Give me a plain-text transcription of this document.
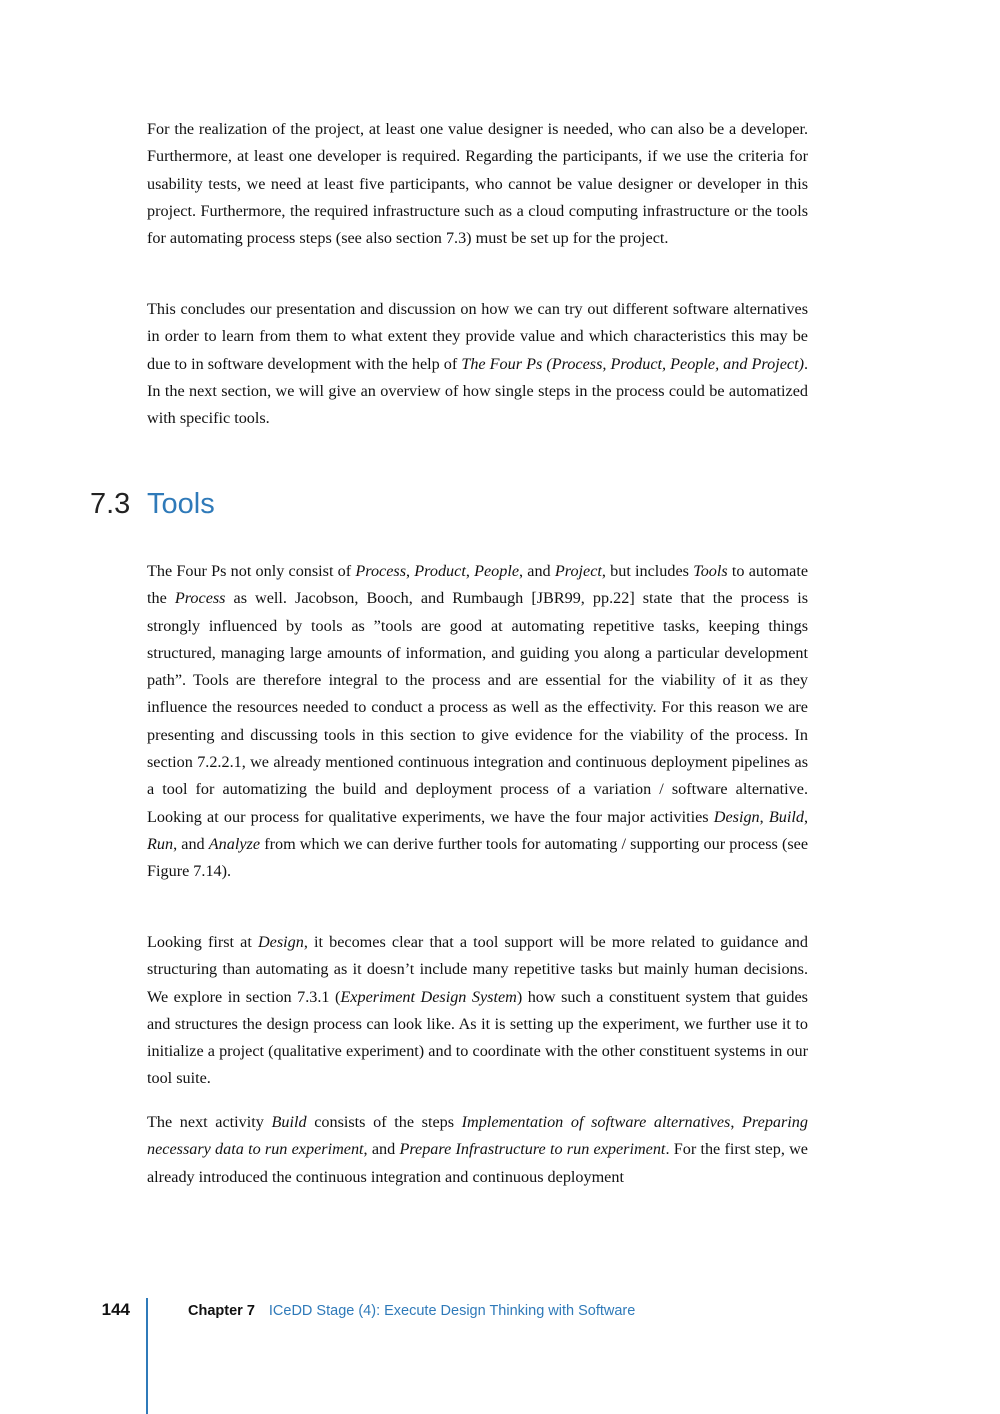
For the realization of the project, at least one value designer is needed, who can also be a developer. Furthermore, at least one developer is required. Regarding the participants, if we use the criteria for usability tests, we need at least five participants, who cannot be value designer or developer in this project. Furthermore, the required infrastructure such as a cloud computing infrastructure or the tools for automating process steps (see also section 7.3) must be set up for the project.

This concludes our presentation and discussion on how we can try out different software alternatives in order to learn from them to what extent they provide value and which characteristics this may be due to in software development with the help of The Four Ps (Process, Product, People, and Project). In the next section, we will give an overview of how single steps in the process could be automatized with specific tools.

7.3 Tools

The Four Ps not only consist of Process, Product, People, and Project, but includes Tools to automate the Process as well. Jacobson, Booch, and Rumbaugh [JBR99, pp.22] state that the process is strongly influenced by tools as ”tools are good at automating repetitive tasks, keeping things structured, managing large amounts of information, and guiding you along a particular development path”. Tools are therefore integral to the process and are essential for the viability of it as they influence the resources needed to conduct a process as well as the effectivity. For this reason we are presenting and discussing tools in this section to give evidence for the viability of the process. In section 7.2.2.1, we already mentioned continuous integration and continuous deployment pipelines as a tool for automatizing the build and deployment process of a variation / software alternative. Looking at our process for qualitative experiments, we have the four major activities Design, Build, Run, and Analyze from which we can derive further tools for automating / supporting our process (see Figure 7.14).

Looking first at Design, it becomes clear that a tool support will be more related to guidance and structuring than automating as it doesn’t include many repetitive tasks but mainly human decisions. We explore in section 7.3.1 (Experiment Design System) how such a constituent system that guides and structures the design process can look like. As it is setting up the experiment, we further use it to initialize a project (qualitative experiment) and to coordinate with the other constituent systems in our tool suite.

The next activity Build consists of the steps Implementation of software alternatives, Preparing necessary data to run experiment, and Prepare Infrastructure to run experiment. For the first step, we already introduced the continuous integration and continuous deployment

144	Chapter 7 ICeDD Stage (4): Execute Design Thinking with Software
